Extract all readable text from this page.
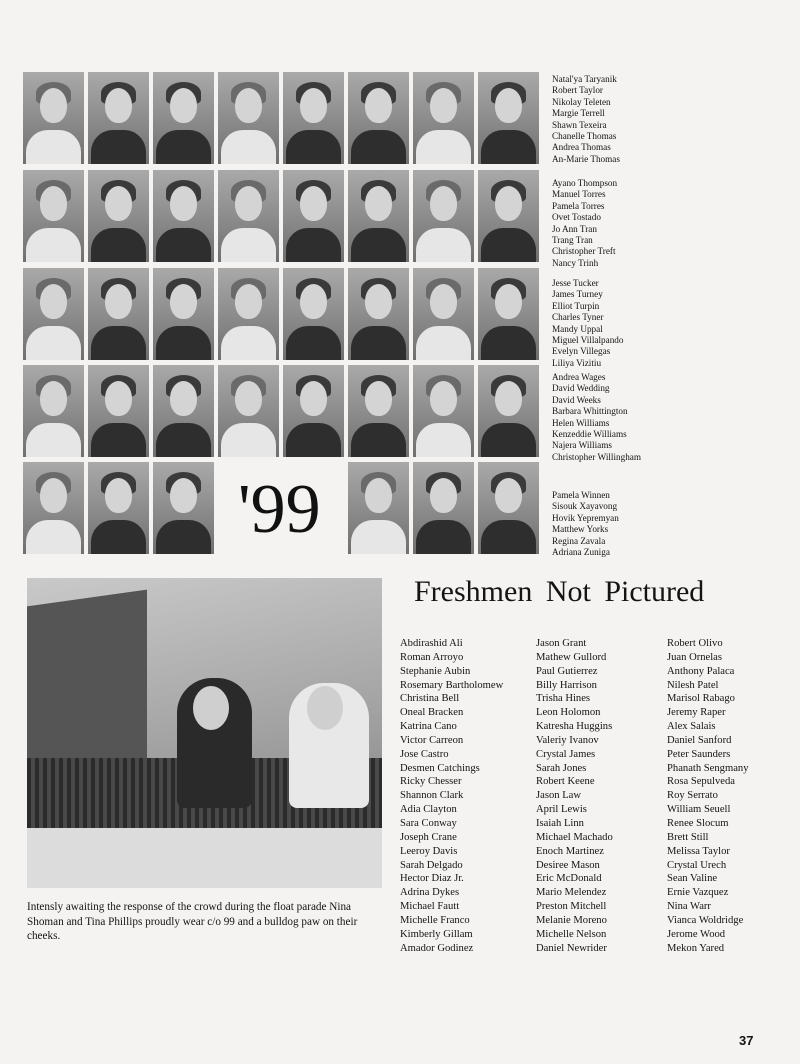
'99
Natal'ya Taryanik
Robert Taylor
Nikolay Teleten
Margie Terrell
Shawn Texeira
Chanelle Thomas
Andrea Thomas
An-Marie Thomas
Ayano Thompson
Manuel Torres
Pamela Torres
Ovet Tostado
Jo Ann Tran
Trang Tran
Christopher Treft
Nancy Trinh
Jesse Tucker
James Turney
Elliot Turpin
Charles Tyner
Mandy Uppal
Miguel Villalpando
Evelyn Villegas
Liliya Vizitiu
Andrea Wages
David Wedding
David Weeks
Barbara Whittington
Helen Williams
Kenzeddie Williams
Najera Williams
Christopher Willingham
Pamela Winnen
Sisouk Xayavong
Hovik Yepremyan
Matthew Yorks
Regina Zavala
Adriana Zuniga
Intensly awaiting the response of the crowd during the float parade Nina Shoman and Tina Phillips proudly wear c/o 99 and a bulldog paw on their cheeks.
Freshmen Not Pictured
Abdirashid Ali
Roman Arroyo
Stephanie Aubin
Rosemary Bartholomew
Christina Bell
Oneal Bracken
Katrina Cano
Victor Carreon
Jose Castro
Desmen Catchings
Ricky Chesser
Shannon Clark
Adia Clayton
Sara Conway
Joseph Crane
Leeroy Davis
Sarah Delgado
Hector Diaz Jr.
Adrina Dykes
Michael Fautt
Michelle Franco
Kimberly Gillam
Amador Godinez
Jason Grant
Mathew Gullord
Paul Gutierrez
Billy Harrison
Trisha Hines
Leon Holomon
Katresha Huggins
Valeriy Ivanov
Crystal James
Sarah Jones
Robert Keene
Jason Law
April Lewis
Isaiah Linn
Michael Machado
Enoch Martinez
Desiree Mason
Eric McDonald
Mario Melendez
Preston Mitchell
Melanie Moreno
Michelle Nelson
Daniel Newrider
Robert Olivo
Juan Ornelas
Anthony Palaca
Nilesh Patel
Marisol Rabago
Jeremy Raper
Alex Salais
Daniel Sanford
Peter Saunders
Phanath Sengmany
Rosa Sepulveda
Roy Serrato
William Seuell
Renee Slocum
Brett Still
Melissa Taylor
Crystal Urech
Sean Valine
Ernie Vazquez
Nina Warr
Vianca Woldridge
Jerome Wood
Mekon Yared
37
